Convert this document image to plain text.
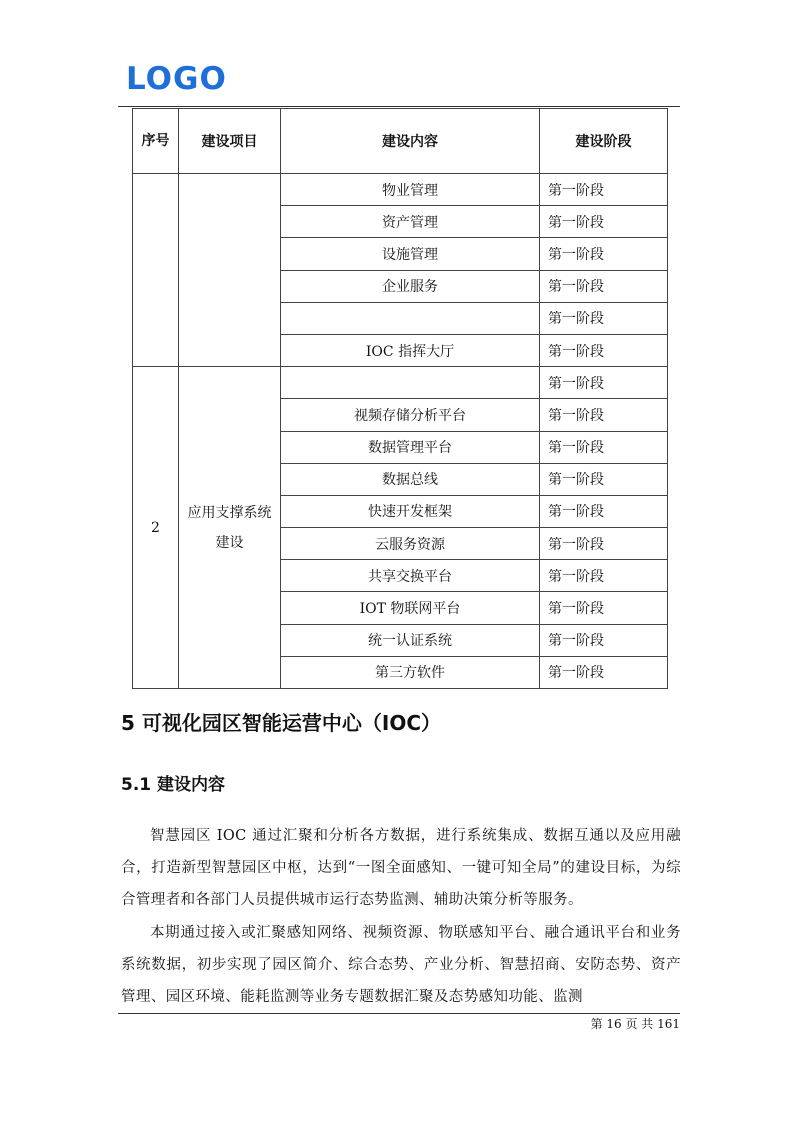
LOGO
序号	建设项目	建设内容	建设阶段
		物业管理	第一阶段
		资产管理	第一阶段
		设施管理	第一阶段
		企业服务	第一阶段
			第一阶段
		IOC 指挥大厅	第一阶段
2	应用支撑系统建设		第一阶段
		视频存储分析平台	第一阶段
		数据管理平台	第一阶段
		数据总线	第一阶段
		快速开发框架	第一阶段
		云服务资源	第一阶段
		共享交换平台	第一阶段
		IOT 物联网平台	第一阶段
		统一认证系统	第一阶段
		第三方软件	第一阶段
5 可视化园区智能运营中心（IOC）
5.1 建设内容

智慧园区 IOC 通过汇聚和分析各方数据，进行系统集成、数据互通以及应用融合，打造新型智慧园区中枢，达到“一图全面感知、一键可知全局”的建设目标，为综合管理者和各部门人员提供城市运行态势监测、辅助决策分析等服务。

本期通过接入或汇聚感知网络、视频资源、物联感知平台、融合通讯平台和业务系统数据，初步实现了园区简介、综合态势、产业分析、智慧招商、安防态势、资产管理、园区环境、能耗监测等业务专题数据汇聚及态势感知功能、监测

第 16 页 共 161
